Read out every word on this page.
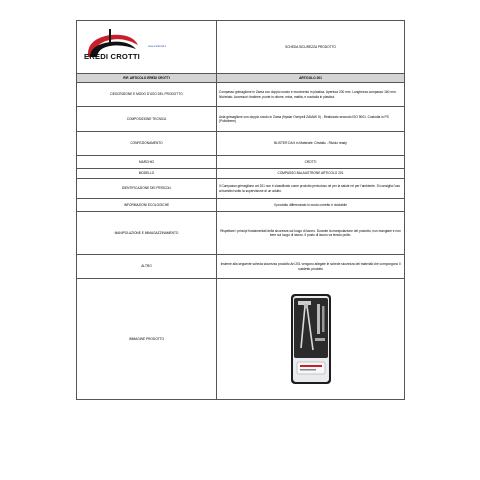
EREDI CROTTI
www.eredicrotti.it	SCHEDA SICUREZZA PRODOTTO
RIF. ARTICOLO EREDI CROTTI	ARTICOLO 201
DESCRIZIONE E MODO D'USO DEL PRODOTTO	Compasso grimaglione in Zama con doppio snodo e movimento in plastica. Apertura 200 mm. Lunghezza compasso 160 mm. Nichelato. Accessori: tiralinee, punte in ottone, mina, matita, e custodia in plastica.
COMPOSIZIONE TECNICA	Asta grimaglione con doppio snodo in Zama (Nystar Overpelt ZAMAK 5) - Realizzato secondo ISO 9001. Custodia in PS (Polistirene)
CONFEZIONAMENTO	BLISTER DA 5 in Materiale: Cristallo - Riciclo ready
MARCHIO	CROTTI
MODELLO	COMPASSO BALAUSTRONE ARTICOLO 201
IDENTIFICAZIONE DEI PERICOLI	Il Compasso grimaglione art 201 non è classificato come prodotto pericoloso né per la salute né per l'ambiente. Si consiglia l'uso ai bambini sotto la supervisione di un adulto.
INFORMAZIONI ECOLOGICHE	Il prodotto differenziato in modo corretto è riciclabile
MANIPOLAZIONE E IMMAGAZZINAMENTO	Rispettare i principi fondamentali della sicurezza sul luogo di lavoro. Durante la manipolazione del prodotto, non mangiare e non bere sul luogo di lavoro. Il posto di lavoro va tenuto pulito.
ALTRO	Insieme alla seguente scheda sicurezza prodotto Art 201 vengono allegate le schede sicurezza dei materiali che compongono il suddetto prodotto
IMMAGINE PRODOTTO	
